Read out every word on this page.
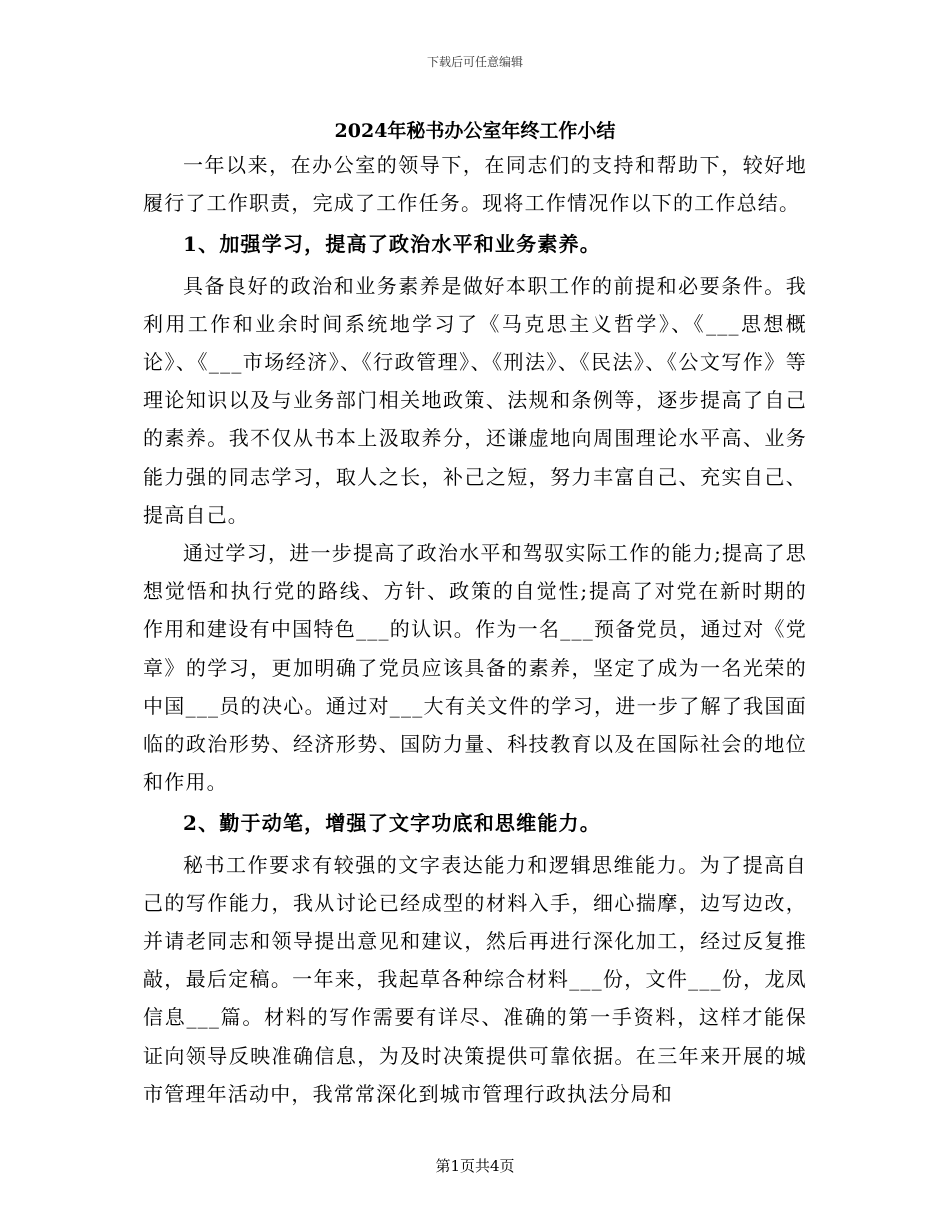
下载后可任意编辑
2024年秘书办公室年终工作小结

一年以来，在办公室的领导下，在同志们的支持和帮助下，较好地履行了工作职责，完成了工作任务。现将工作情况作以下的工作总结。

1、加强学习，提高了政治水平和业务素养。

具备良好的政治和业务素养是做好本职工作的前提和必要条件。我利用工作和业余时间系统地学习了《马克思主义哲学》、《___思想概论》、《___市场经济》、《行政管理》、《刑法》、《民法》、《公文写作》等理论知识以及与业务部门相关地政策、法规和条例等，逐步提高了自己的素养。我不仅从书本上汲取养分，还谦虚地向周围理论水平高、业务能力强的同志学习，取人之长，补己之短，努力丰富自己、充实自己、提高自己。

通过学习，进一步提高了政治水平和驾驭实际工作的能力;提高了思想觉悟和执行党的路线、方针、政策的自觉性;提高了对党在新时期的作用和建设有中国特色___的认识。作为一名___预备党员，通过对《党章》的学习，更加明确了党员应该具备的素养，坚定了成为一名光荣的中国___员的决心。通过对___大有关文件的学习，进一步了解了我国面临的政治形势、经济形势、国防力量、科技教育以及在国际社会的地位和作用。

2、勤于动笔，增强了文字功底和思维能力。

秘书工作要求有较强的文字表达能力和逻辑思维能力。为了提高自己的写作能力，我从讨论已经成型的材料入手，细心揣摩，边写边改，并请老同志和领导提出意见和建议，然后再进行深化加工，经过反复推敲，最后定稿。一年来，我起草各种综合材料___份，文件___份，龙凤信息___篇。材料的写作需要有详尽、准确的第一手资料，这样才能保证向领导反映准确信息，为及时决策提供可靠依据。在三年来开展的城市管理年活动中，我常常深化到城市管理行政执法分局和

第1页共4页
